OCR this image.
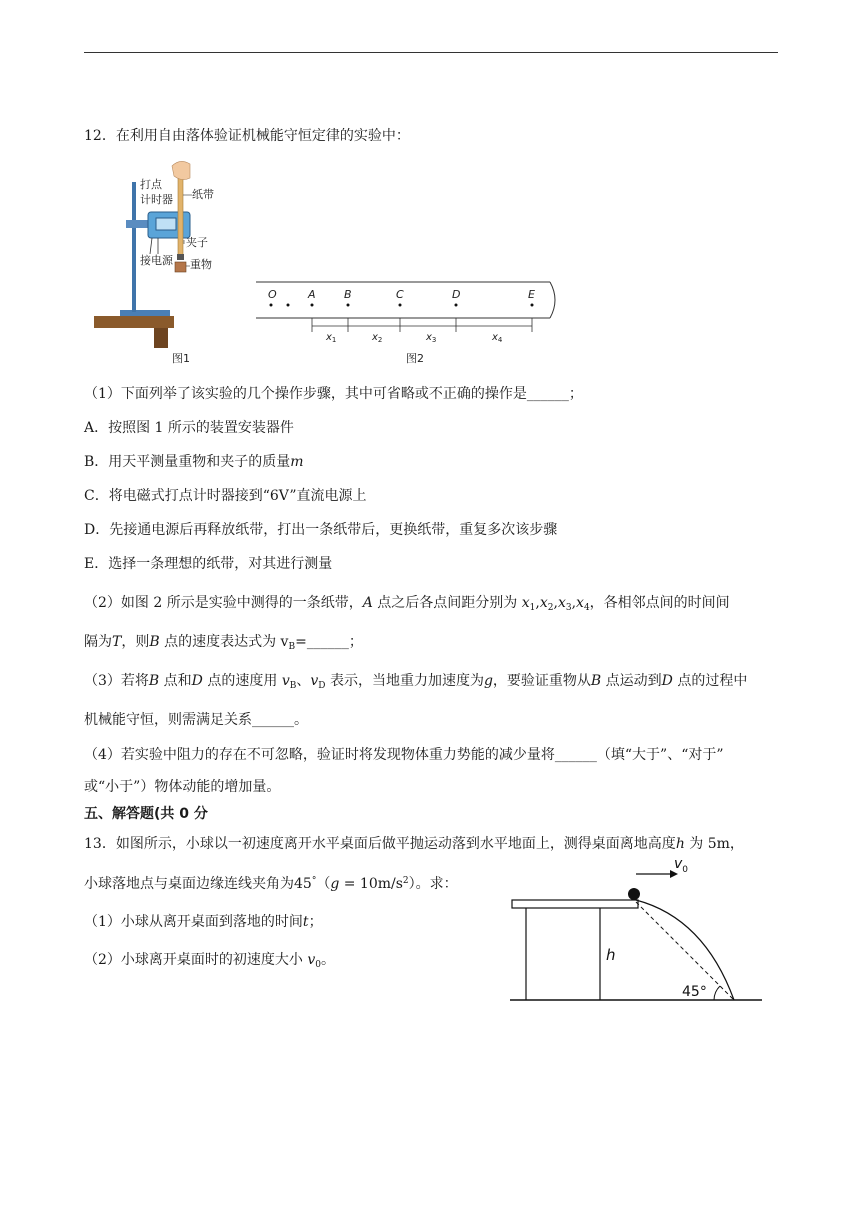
12．在利用自由落体验证机械能守恒定律的实验中：
打点
计时器 纸带
夹子
接电源 重物
图1
O	A	B	C	D	E
$x_1$	$x_2$	$x_3$	$x_4$
图2
（1）下面列举了该实验的几个操作步骤，其中可省略或不正确的操作是______；
A．按照图 1 所示的装置安装器件
B．用天平测量重物和夹子的质量m
C．将电磁式打点计时器接到“6V”直流电源上
D．先接通电源后再释放纸带，打出一条纸带后，更换纸带，重复多次该步骤
E．选择一条理想的纸带，对其进行测量
（2）如图 2 所示是实验中测得的一条纸带，A 点之后各点间距分别为 $x_1,x_2,x_3,x_4$，各相邻点间的时间间
隔为T，则B 点的速度表达式为 $v_B=\_\_\_\_\_\_$；
（3）若将B 点和D 点的速度用 $v_B$、$v_D$ 表示，当地重力加速度为g，要验证重物从B 点运动到D 点的过程中
机械能守恒，则需满足关系______。
（4）若实验中阻力的存在不可忽略，验证时将发现物体重力势能的减少量将______（填“大于”、“对于”
或“小于”）物体动能的增加量。
五、解答题(共 0 分
13．如图所示，小球以一初速度离开水平桌面后做平抛运动落到水平地面上，测得桌面离地高度h 为 5m，
小球落地点与桌面边缘连线夹角为$45^\circ(g = 10m/s^2)$。求：
（1）小球从离开桌面到落地的时间t；
（2）小球离开桌面时的初速度大小 $v_0$。
$v_0$
h
45°
